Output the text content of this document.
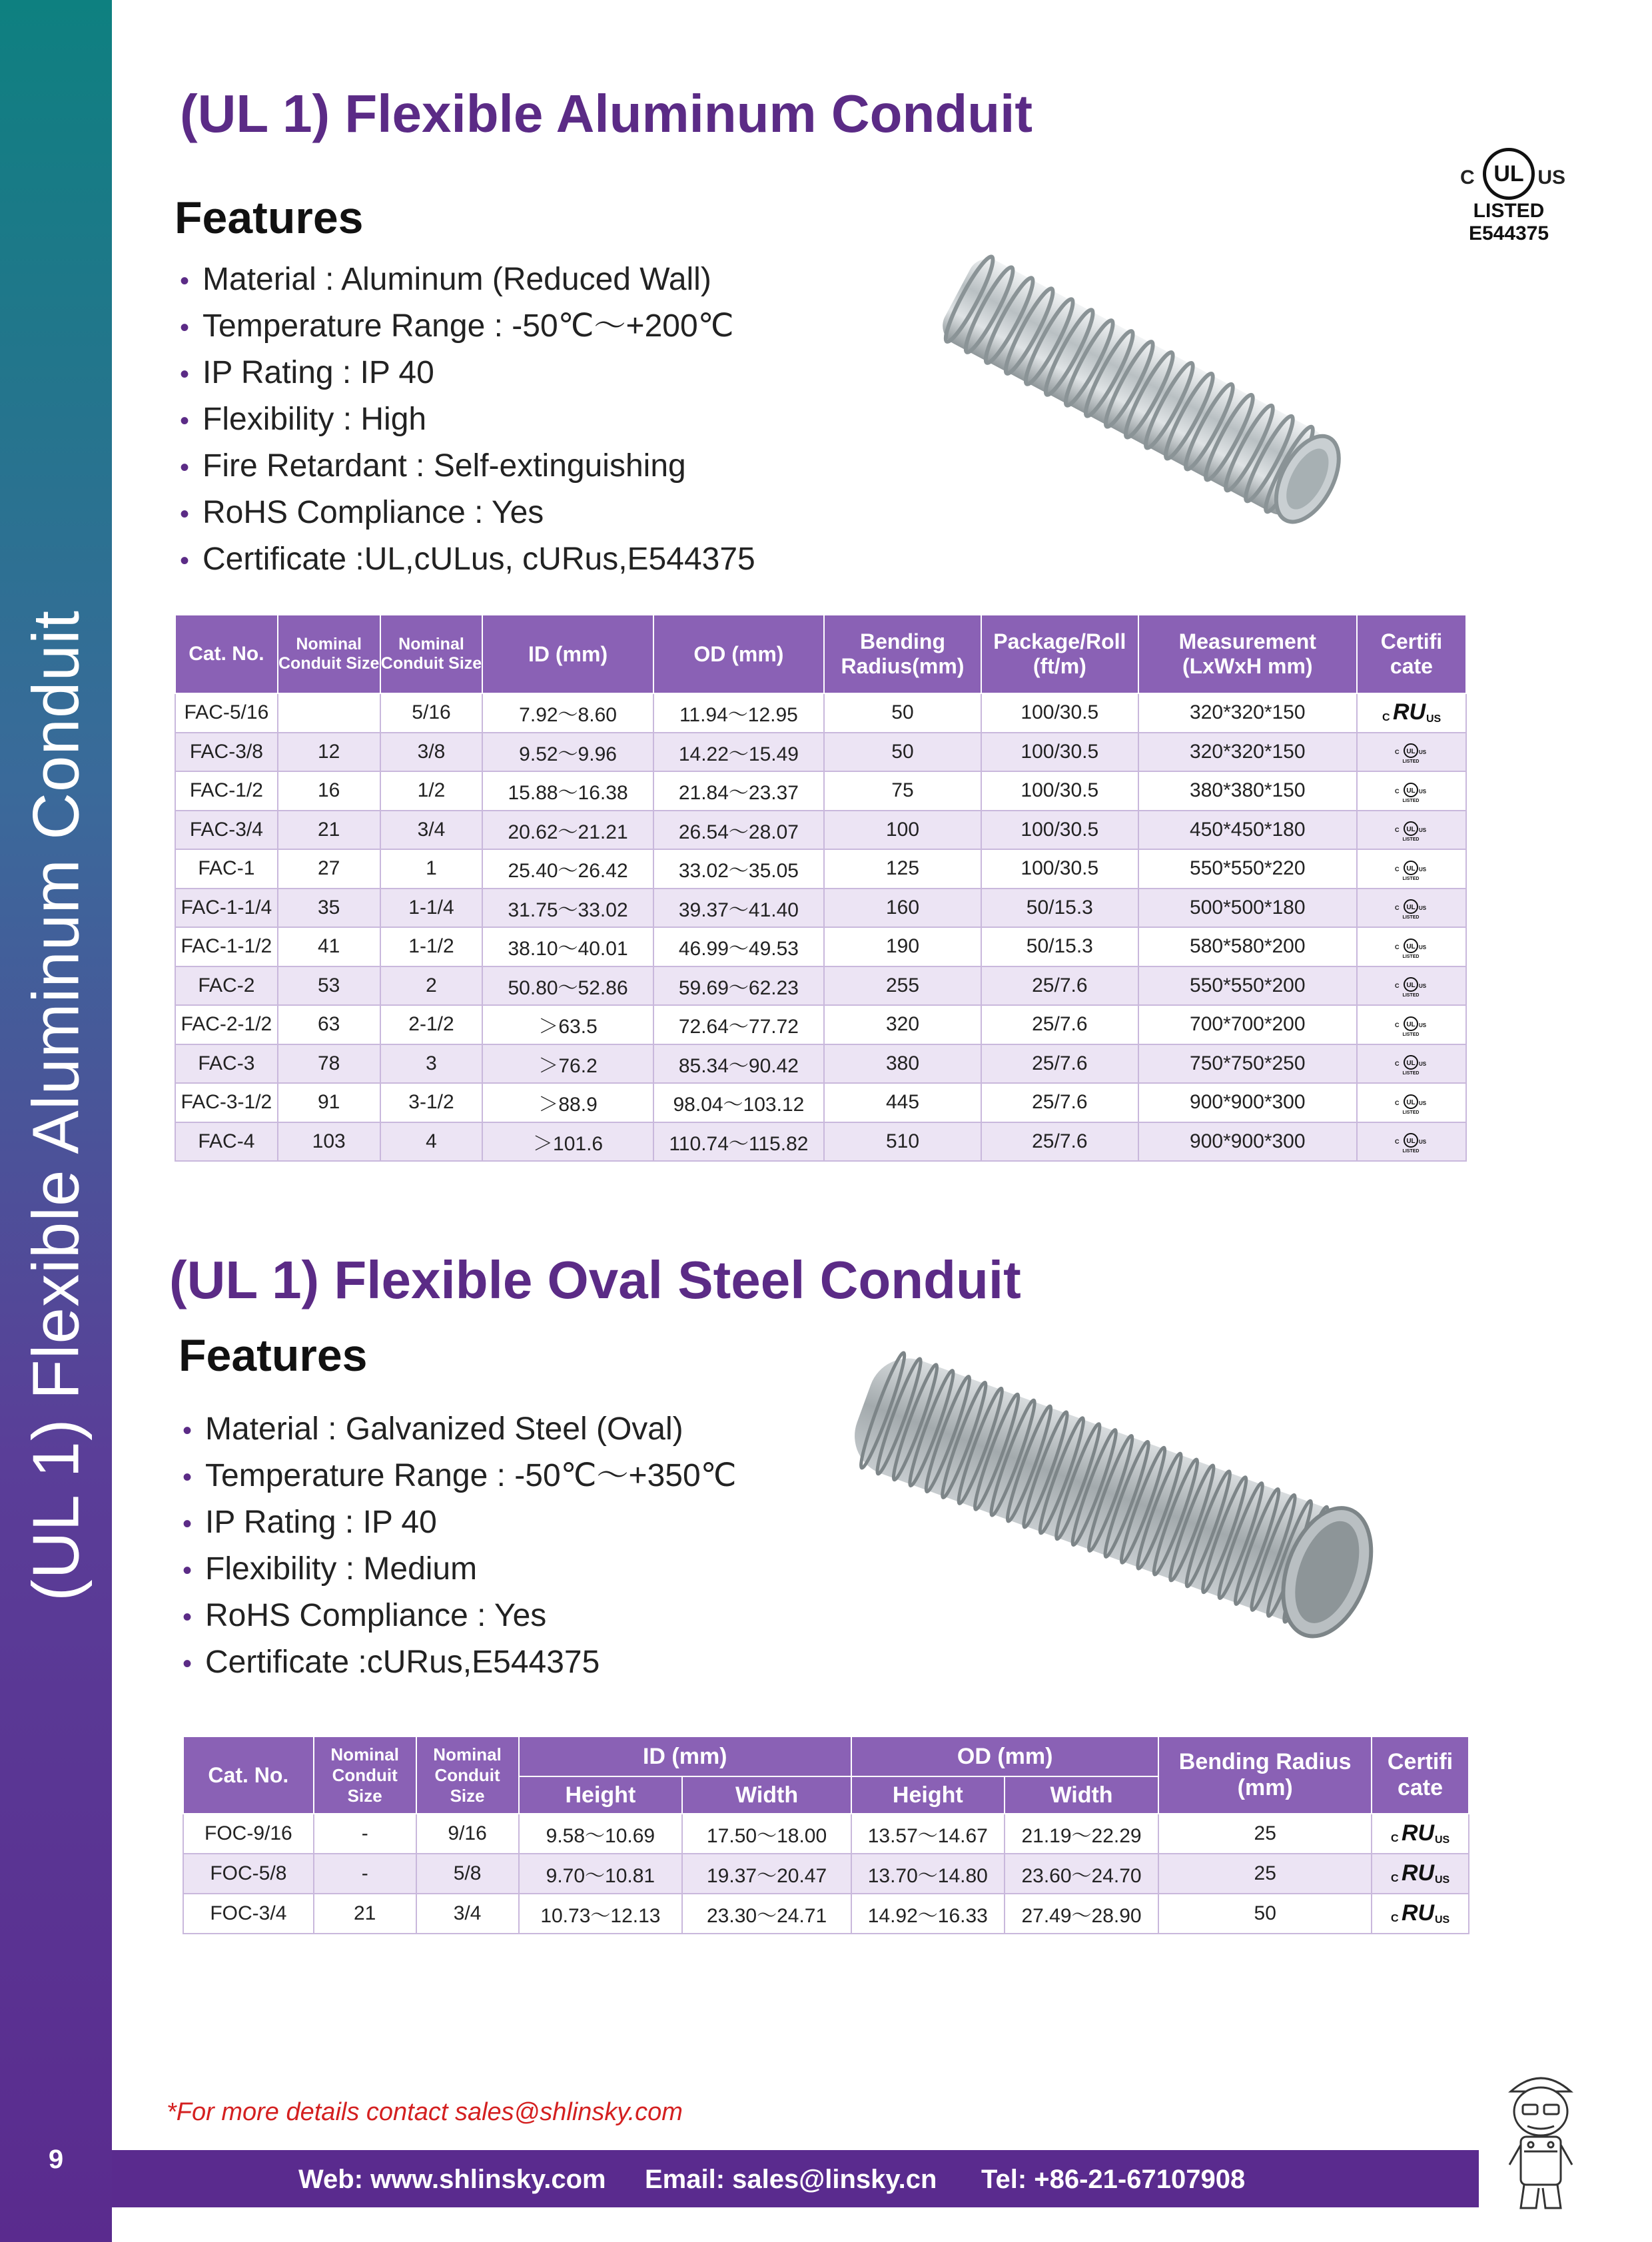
(UL 1) Flexible Aluminum Conduit
9
(UL 1) Flexible Aluminum Conduit
Features
UL
C	US
LISTED
E544375
• Material : Aluminum (Reduced Wall)
• Temperature Range : -50℃～+200℃
• IP Rating : IP 40
• Flexibility : High
• Fire Retardant : Self-extinguishing
• RoHS Compliance : Yes
• Certificate :UL,cULus, cURus,E544375
Cat. No.	Nominal Conduit Size	Nominal Conduit Size	ID (mm)	OD (mm)	Bending Radius(mm)	Package/Roll (ft/m)	Measurement (LxWxH mm)	Certifi cate
FAC-5/16		5/16	7.92～8.60	11.94～12.95	50	100/30.5	320*320*150	C RU US

FAC-3/8	12	3/8	9.52～9.96	14.22～15.49	50	100/30.5	320*320*150	C UL US
LISTED

FAC-1/2	16	1/2	15.88～16.38	21.84～23.37	75	100/30.5	380*380*150	C UL US
LISTED

FAC-3/4	21	3/4	20.62～21.21	26.54～28.07	100	100/30.5	450*450*180	C UL US
LISTED

FAC-1	27	1	25.40～26.42	33.02～35.05	125	100/30.5	550*550*220	C UL US
LISTED

FAC-1-1/4	35	1-1/4	31.75～33.02	39.37～41.40	160	50/15.3	500*500*180	C UL US
LISTED

FAC-1-1/2	41	1-1/2	38.10～40.01	46.99～49.53	190	50/15.3	580*580*200	C UL US
LISTED

FAC-2	53	2	50.80～52.86	59.69～62.23	255	25/7.6	550*550*200	C UL US
LISTED

FAC-2-1/2	63	2-1/2	＞63.5	72.64～77.72	320	25/7.6	700*700*200	C UL US
LISTED

FAC-3	78	3	＞76.2	85.34～90.42	380	25/7.6	750*750*250	C UL US
LISTED

FAC-3-1/2	91	3-1/2	＞88.9	98.04～103.12	445	25/7.6	900*900*300	C UL US
LISTED

FAC-4	103	4	＞101.6	110.74～115.82	510	25/7.6	900*900*300	C UL US
LISTED
(UL 1) Flexible Oval Steel Conduit
Features
• Material : Galvanized Steel (Oval)
• Temperature Range : -50℃～+350℃
• IP Rating : IP 40
• Flexibility : Medium
• RoHS Compliance : Yes
• Certificate :cURus,E544375
Cat. No.	Nominal Conduit Size	Nominal Conduit Size	ID (mm)		OD (mm)		Bending Radius (mm)	Certifi cate
			Height	Width	Height	Width		
FOC-9/16	-	9/16	9.58～10.69	17.50～18.00	13.57～14.67	21.19～22.29	25	C RU US

FOC-5/8	-	5/8	9.70～10.81	19.37～20.47	13.70～14.80	23.60～24.70	25	C RU US

FOC-3/4	21	3/4	10.73～12.13	23.30～24.71	14.92～16.33	27.49～28.90	50	C RU US
*For more details contact sales@shlinsky.com
Web: www.shlinsky.com Email: sales@linsky.cn Tel: +86-21-67107908
